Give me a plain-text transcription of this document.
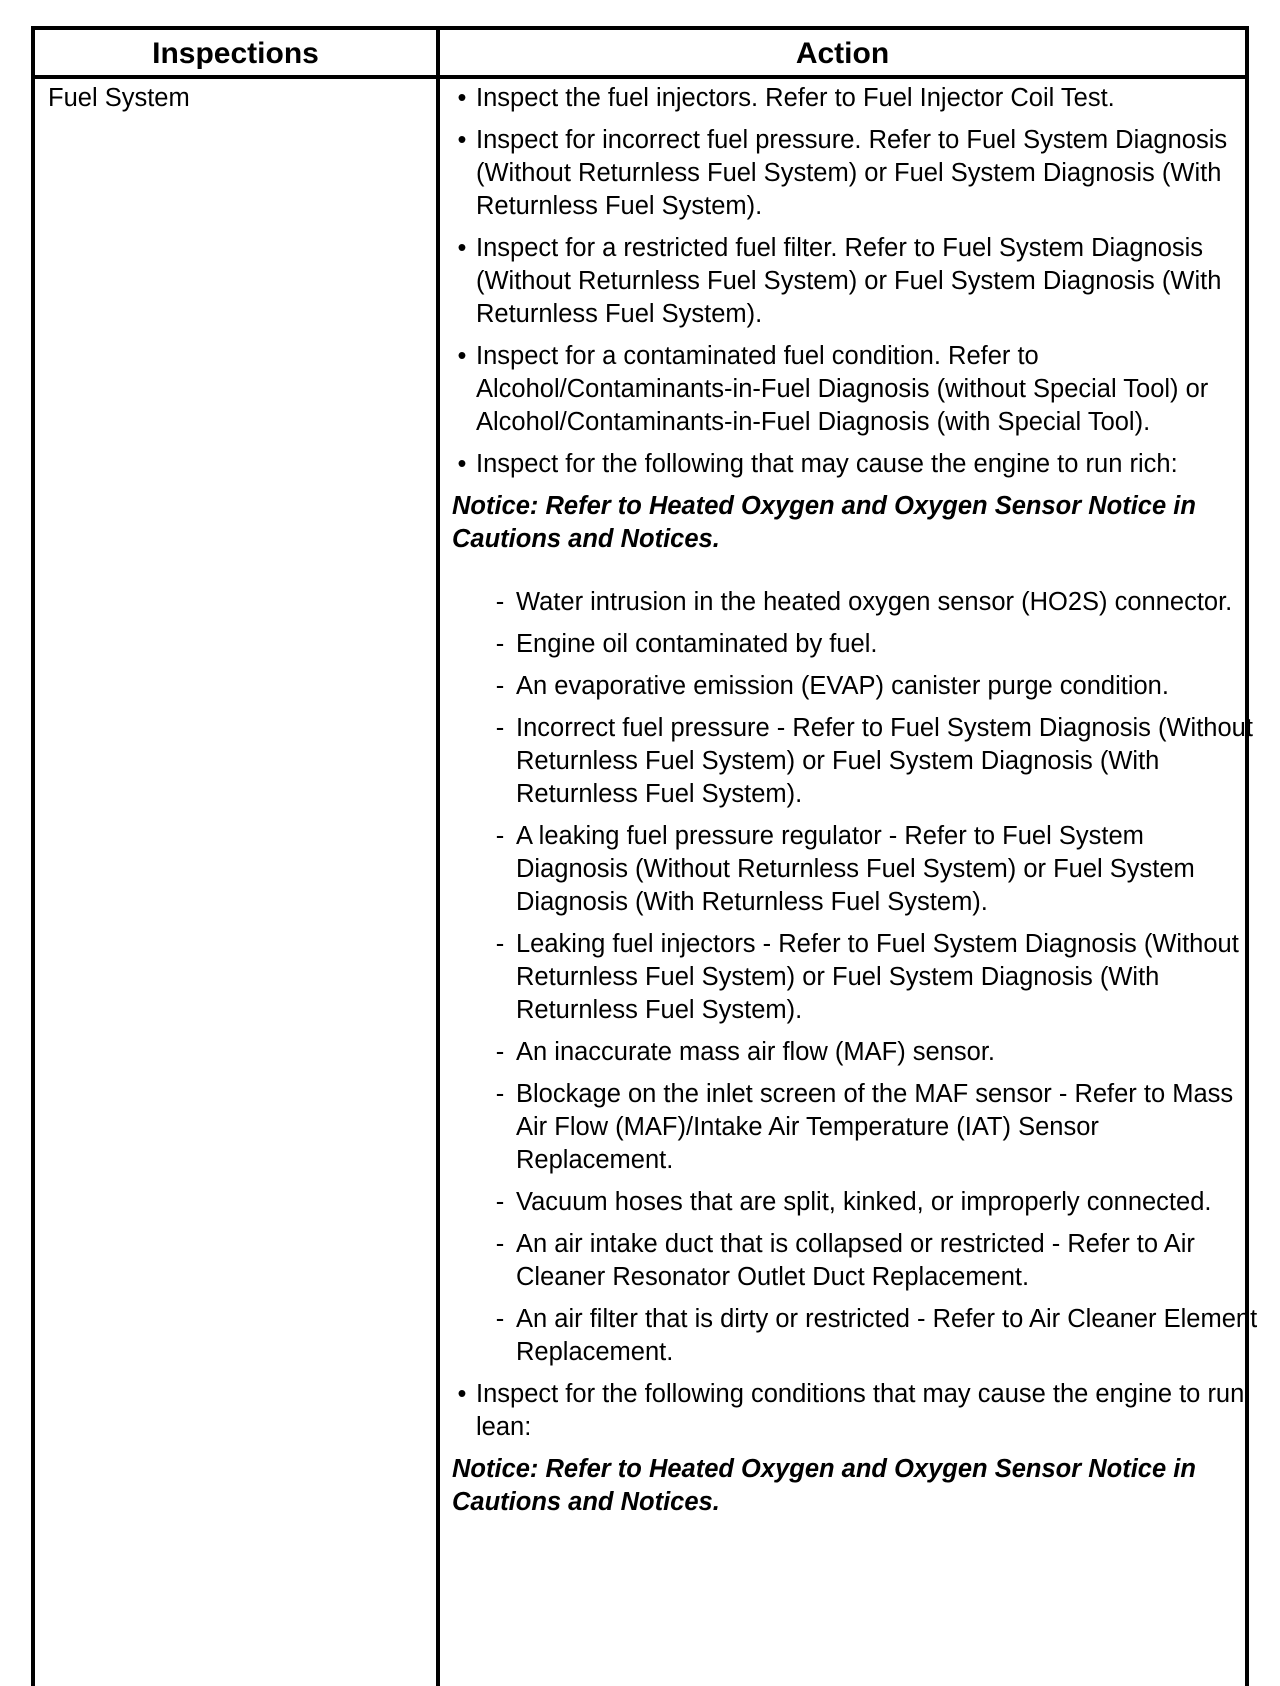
Inspections	Action
Fuel System	• Inspect the fuel injectors. Refer to Fuel Injector Coil Test.
• Inspect for incorrect fuel pressure. Refer to Fuel System Diagnosis (Without Returnless Fuel System) or Fuel System Diagnosis (With Returnless Fuel System).
• Inspect for a restricted fuel filter. Refer to Fuel System Diagnosis (Without Returnless Fuel System) or Fuel System Diagnosis (With Returnless Fuel System).
• Inspect for a contaminated fuel condition. Refer to Alcohol/Contaminants-in-Fuel Diagnosis (without Special Tool) or Alcohol/Contaminants-in-Fuel Diagnosis (with Special Tool).
• Inspect for the following that may cause the engine to run rich:
Notice: Refer to Heated Oxygen and Oxygen Sensor Notice in Cautions and Notices.
- Water intrusion in the heated oxygen sensor (HO2S) connector.
- Engine oil contaminated by fuel.
- An evaporative emission (EVAP) canister purge condition.
- Incorrect fuel pressure - Refer to Fuel System Diagnosis (Without Returnless Fuel System) or Fuel System Diagnosis (With Returnless Fuel System).
- A leaking fuel pressure regulator - Refer to Fuel System Diagnosis (Without Returnless Fuel System) or Fuel System Diagnosis (With Returnless Fuel System).
- Leaking fuel injectors - Refer to Fuel System Diagnosis (Without Returnless Fuel System) or Fuel System Diagnosis (With Returnless Fuel System).
- An inaccurate mass air flow (MAF) sensor.
- Blockage on the inlet screen of the MAF sensor - Refer to Mass Air Flow (MAF)/Intake Air Temperature (IAT) Sensor Replacement.
- Vacuum hoses that are split, kinked, or improperly connected.
- An air intake duct that is collapsed or restricted - Refer to Air Cleaner Resonator Outlet Duct Replacement.
- An air filter that is dirty or restricted - Refer to Air Cleaner Element Replacement.
• Inspect for the following conditions that may cause the engine to run lean:
Notice: Refer to Heated Oxygen and Oxygen Sensor Notice in Cautions and Notices.
